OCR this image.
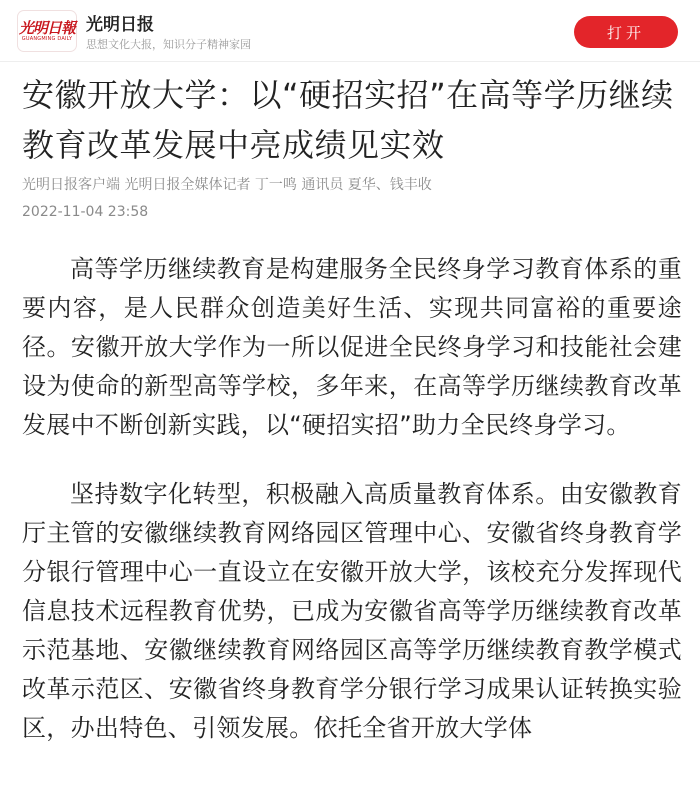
光明日報
GUANGMING DAILY
光明日报
思想文化大报，知识分子精神家园
打开
安徽开放大学：以“硬招实招”在高等学历继续教育改革发展中亮成绩见实效
光明日报客户端 光明日报全媒体记者 丁一鸣 通讯员 夏华、钱丰收
2022-11-04 23:58

高等学历继续教育是构建服务全民终身学习教育体系的重要内容，是人民群众创造美好生活、实现共同富裕的重要途径。安徽开放大学作为一所以促进全民终身学习和技能社会建设为使命的新型高等学校，多年来，在高等学历继续教育改革发展中不断创新实践，以“硬招实招”助力全民终身学习。

坚持数字化转型，积极融入高质量教育体系。由安徽教育厅主管的安徽继续教育网络园区管理中心、安徽省终身教育学分银行管理中心一直设立在安徽开放大学，该校充分发挥现代信息技术远程教育优势，已成为安徽省高等学历继续教育改革示范基地、安徽继续教育网络园区高等学历继续教育教学模式改革示范区、安徽省终身教育学分银行学习成果认证转换实验区，办出特色、引领发展。依托全省开放大学体
